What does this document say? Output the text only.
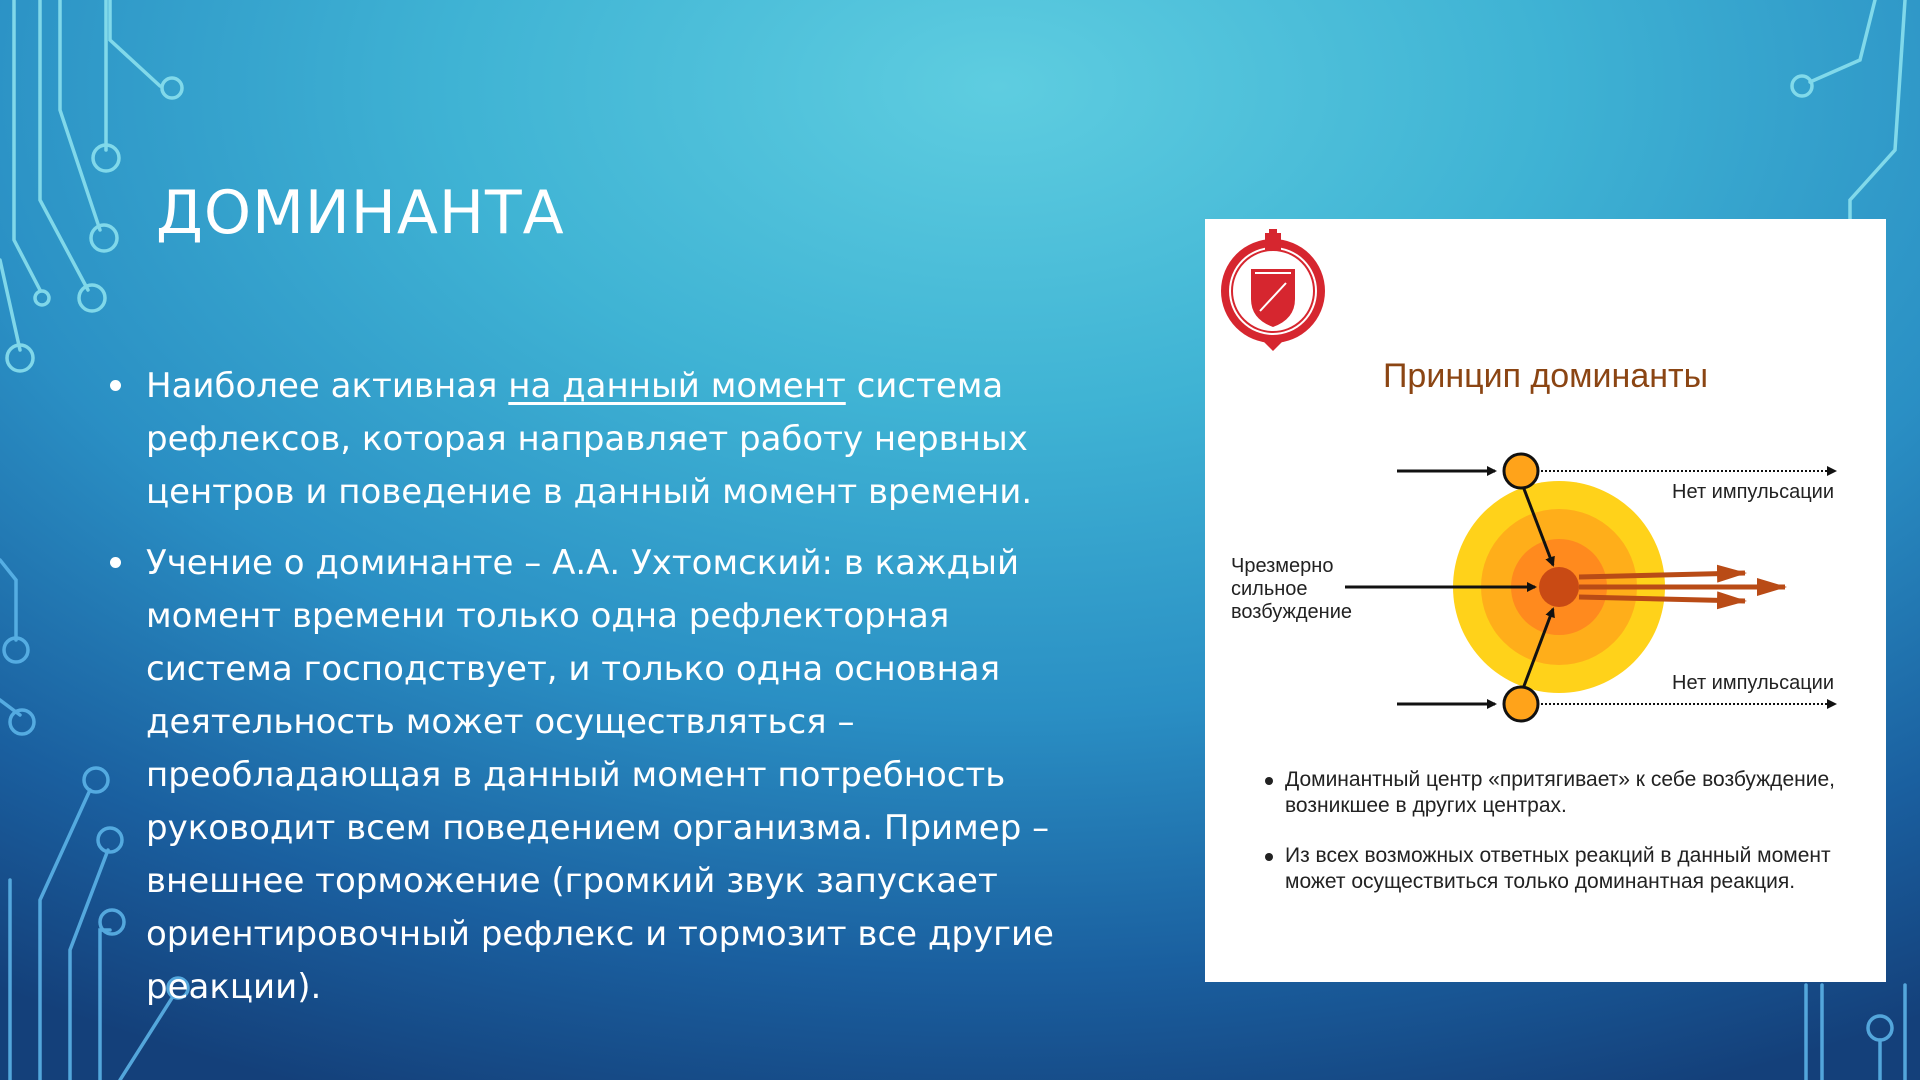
ДОМИНАНТА
Наиболее активная на данный момент система рефлексов, которая направляет работу нервных центров и поведение в данный момент времени.
Учение о доминанте – А.А. Ухтомский: в каждый момент времени только одна рефлекторная система господствует, и только одна основная деятельность может осуществляться – преобладающая в данный момент потребность руководит всем поведением организма. Пример – внешнее торможение (громкий звук запускает ориентировочный рефлекс и тормозит все другие реакции).
Принцип доминанты
Нет импульсации
Нет импульсации
Чрезмерно
сильное
возбуждение
Доминантный центр «притягивает» к себе возбуждение, возникшее в других центрах.
Из всех возможных ответных реакций в данный момент может осуществиться только доминантная реакция.
